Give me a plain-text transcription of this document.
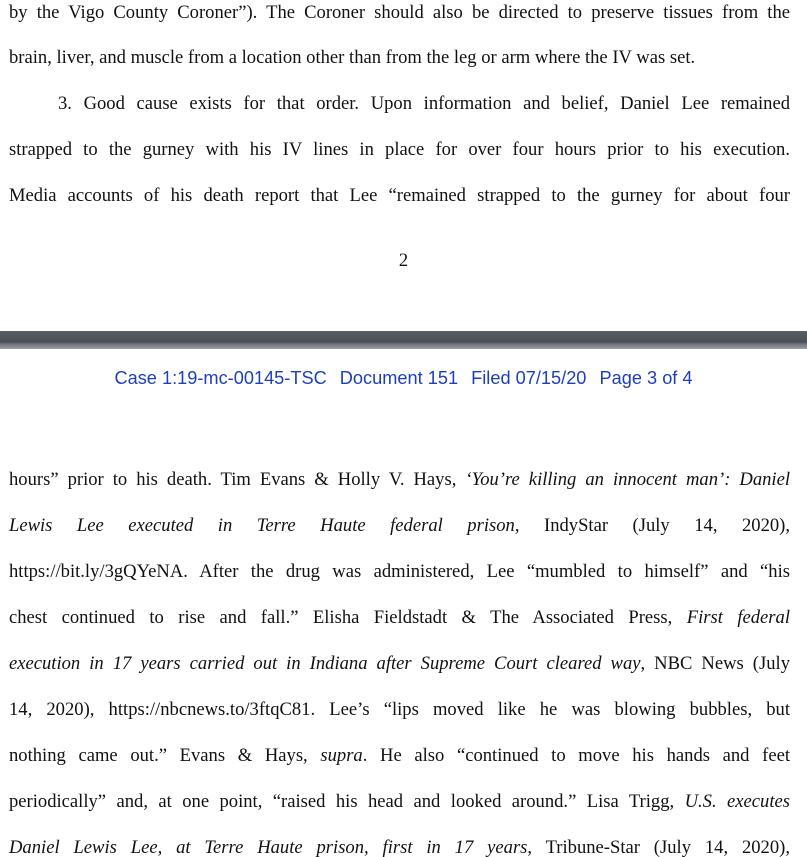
by the Vigo County Coroner”). The Coroner should also be directed to preserve tissues from the
brain, liver, and muscle from a location other than from the leg or arm where the IV was set.
3. Good cause exists for that order. Upon information and belief, Daniel Lee remained
strapped to the gurney with his IV lines in place for over four hours prior to his execution.
Media accounts of his death report that Lee “remained strapped to the gurney for about four
2
Case 1:19-mc-00145-TSC Document 151 Filed 07/15/20 Page 3 of 4
hours” prior to his death. Tim Evans & Holly V. Hays, ‘You’re killing an innocent man’: Daniel
Lewis Lee executed in Terre Haute federal prison, IndyStar (July 14, 2020),
https://bit.ly/3gQYeNA. After the drug was administered, Lee “mumbled to himself” and “his
chest continued to rise and fall.” Elisha Fieldstadt & The Associated Press, First federal
execution in 17 years carried out in Indiana after Supreme Court cleared way, NBC News (July
14, 2020), https://nbcnews.to/3ftqC81. Lee’s “lips moved like he was blowing bubbles, but
nothing came out.” Evans & Hays, supra. He also “continued to move his hands and feet
periodically” and, at one point, “raised his head and looked around.” Lisa Trigg, U.S. executes
Daniel Lewis Lee, at Terre Haute prison, first in 17 years, Tribune-Star (July 14, 2020),
